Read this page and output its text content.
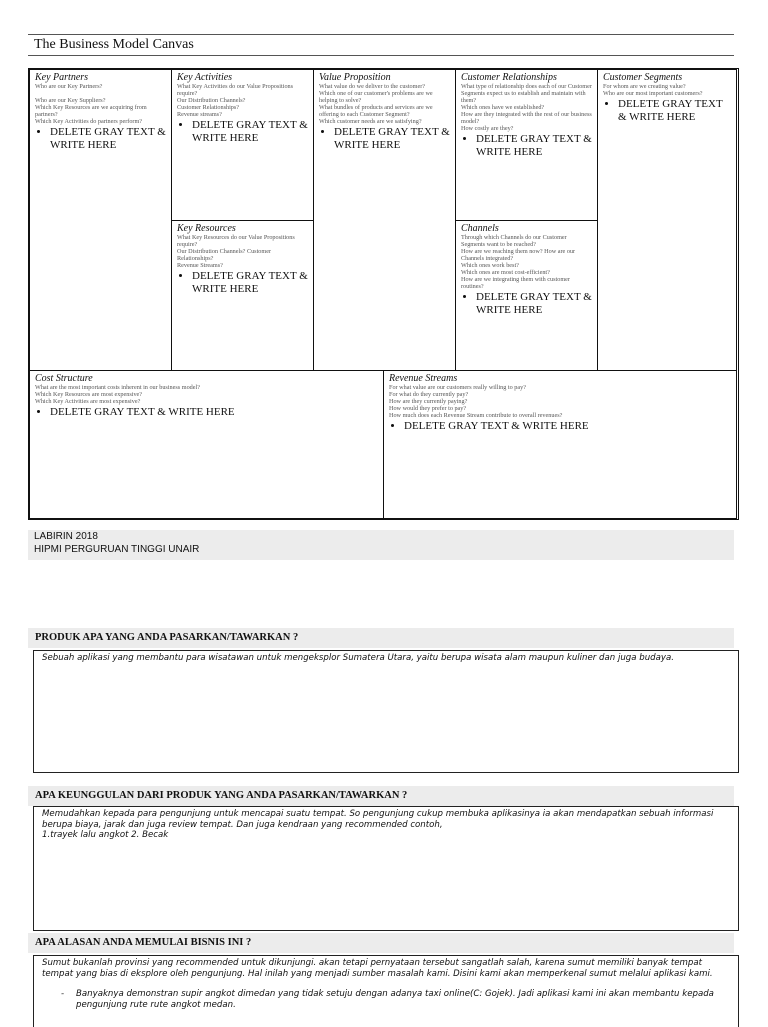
The Business Model Canvas
Key Partners
Who are our Key Partners?

Who are our Key Suppliers?
Which Key Resources are we acquiring from partners?
Which Key Activities do partners perform?
• DELETE GRAY TEXT & WRITE HERE
Key Activities
What Key Activities do our Value Propositions require?
Our Distribution Channels?
Customer Relationships?
Revenue streams?
• DELETE GRAY TEXT & WRITE HERE
Key Resources
What Key Resources do our Value Propositions require?
Our Distribution Channels? Customer Relationships?
Revenue Streams?
• DELETE GRAY TEXT & WRITE HERE
Value Proposition
What value do we deliver to the customer?
Which one of our customer's problems are we helping to solve?
What bundles of products and services are we offering to each Customer Segment?
Which customer needs are we satisfying?
• DELETE GRAY TEXT & WRITE HERE
Customer Relationships
What type of relationship does each of our Customer
Segments expect us to establish and maintain with them?
Which ones have we established?
How are they integrated with the rest of our business model?
How costly are they?
• DELETE GRAY TEXT & WRITE HERE
Channels
Through which Channels do our Customer Segments want to be reached?
How are we reaching them now? How are our Channels integrated?
Which ones work best?
Which ones are most cost-efficient?
How are we integrating them with customer routines?
• DELETE GRAY TEXT & WRITE HERE
Customer Segments
For whom are we creating value?
Who are our most important customers?
• DELETE GRAY TEXT & WRITE HERE
Cost Structure
What are the most important costs inherent in our business model?
Which Key Resources are most expensive?
Which Key Activities are most expensive?
• DELETE GRAY TEXT & WRITE HERE
Revenue Streams
For what value are our customers really willing to pay?
For what do they currently pay?
How are they currently paying?
How would they prefer to pay?
How much does each Revenue Stream contribute to overall revenues?
• DELETE GRAY TEXT & WRITE HERE
LABIRIN 2018
HIPMI PERGURUAN TINGGI UNAIR
PRODUK APA YANG ANDA PASARKAN/TAWARKAN ?

Sebuah aplikasi yang membantu para wisatawan untuk mengeksplor Sumatera Utara, yaitu berupa wisata alam maupun kuliner dan juga budaya.

APA KEUNGGULAN DARI PRODUK YANG ANDA PASARKAN/TAWARKAN ?

Memudahkan kepada para pengunjung untuk mencapai suatu tempat. So pengunjung cukup membuka aplikasinya ia akan mendapatkan sebuah informasi berupa biaya, jarak dan juga review tempat. Dan juga kendraan yang recommended contoh,
1.trayek lalu angkot 2. Becak

APA ALASAN ANDA MEMULAI BISNIS INI ?

Sumut bukanlah provinsi yang recommended untuk dikunjungi. akan tetapi pernyataan tersebut sangatlah salah, karena sumut memiliki banyak tempat tempat yang bias di eksplore oleh pengunjung. Hal inilah yang menjadi sumber masalah kami. Disini kami akan memperkenal sumut melalui aplikasi kami.

- Banyaknya demonstran supir angkot dimedan yang tidak setuju dengan adanya taxi online(C: Gojek). Jadi aplikasi kami ini akan membantu kepada pengunjung rute rute angkot medan.
